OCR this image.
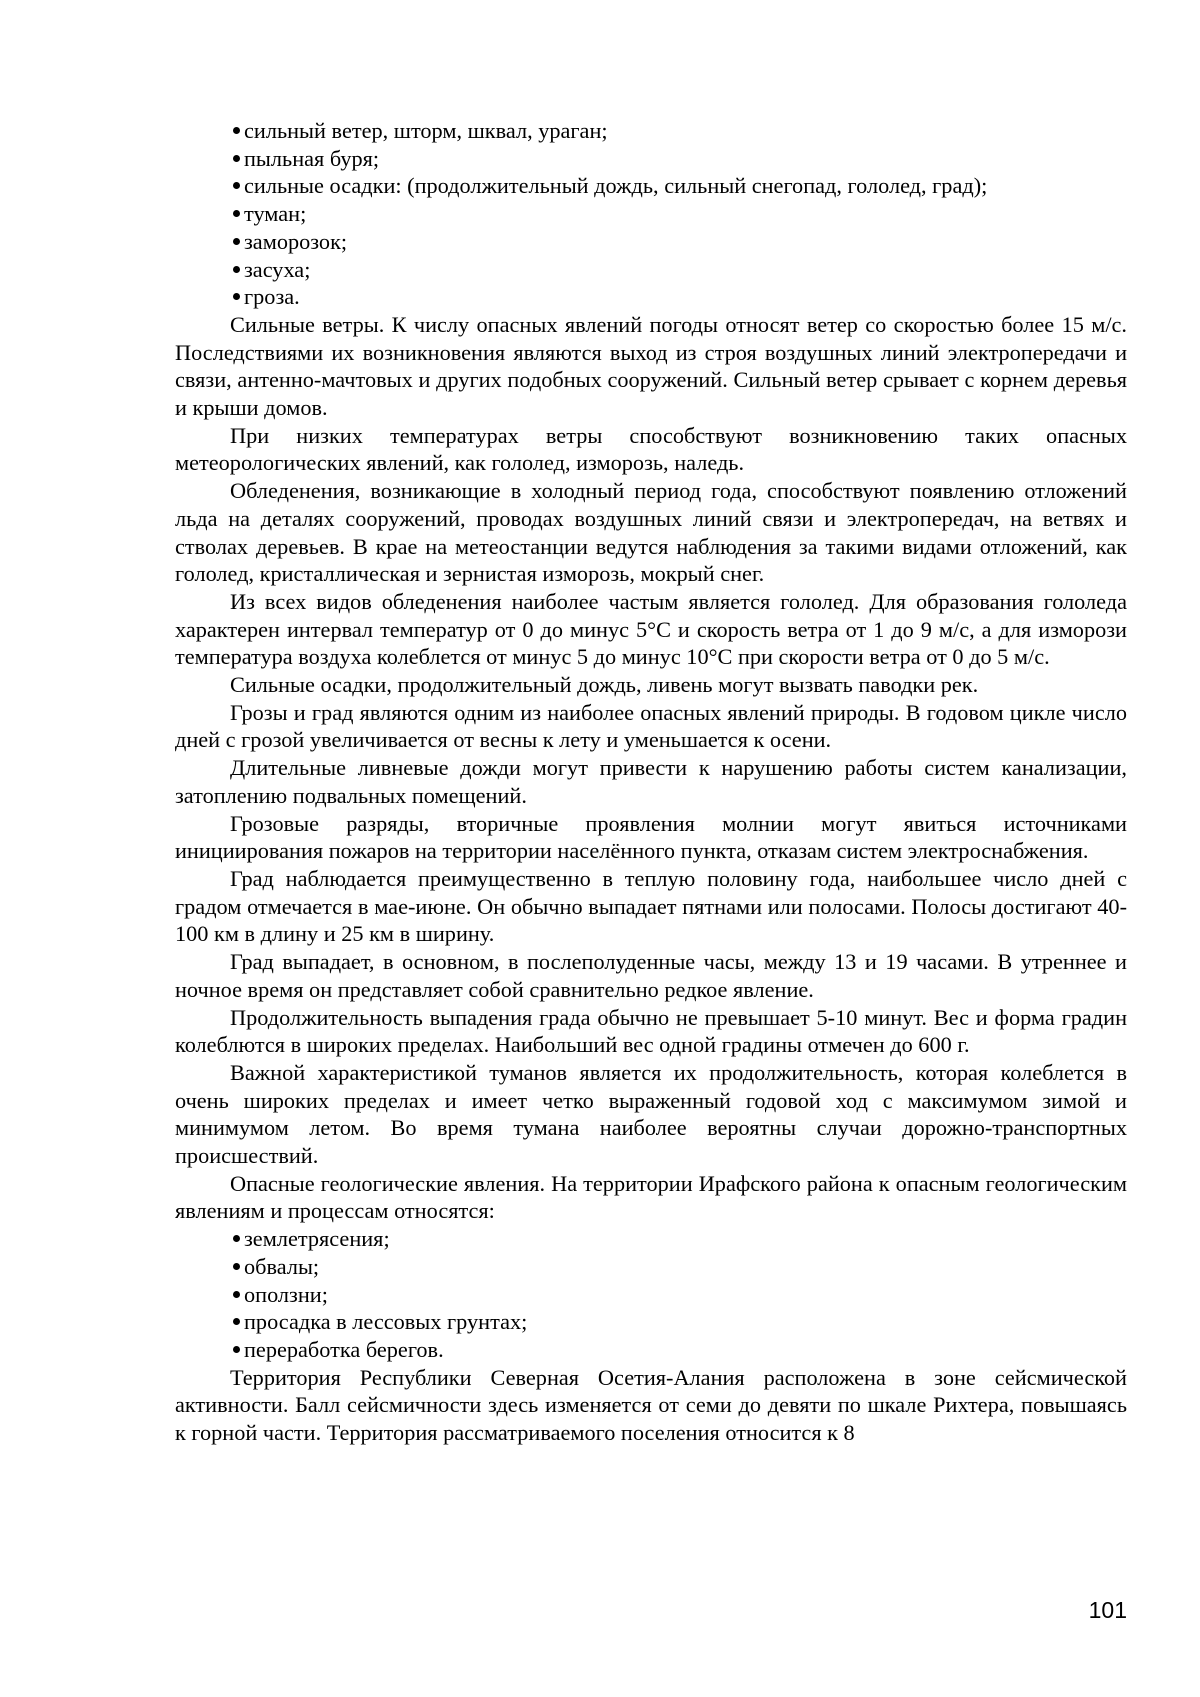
сильный ветер, шторм, шквал, ураган;
пыльная буря;
сильные осадки: (продолжительный дождь, сильный снегопад, гололед, град);
туман;
заморозок;
засуха;
гроза.

Сильные ветры. К числу опасных явлений погоды относят ветер со скоростью более 15 м/с. Последствиями их возникновения являются выход из строя воздушных линий электропередачи и связи, антенно-мачтовых и других подобных сооружений. Сильный ветер срывает с корнем деревья и крыши домов.

При низких температурах ветры способствуют возникновению таких опасных метеорологических явлений, как гололед, изморозь, наледь.

Обледенения, возникающие в холодный период года, способствуют появлению отложений льда на деталях сооружений, проводах воздушных линий связи и электропередач, на ветвях и стволах деревьев. В крае на метеостанции ведутся наблюдения за такими видами отложений, как гололед, кристаллическая и зернистая изморозь, мокрый снег.

Из всех видов обледенения наиболее частым является гололед. Для образования гололеда характерен интервал температур от 0 до минус 5°С и скорость ветра от 1 до 9 м/с, а для изморози температура воздуха колеблется от минус 5 до минус 10°С при скорости ветра от 0 до 5 м/с.

Сильные осадки, продолжительный дождь, ливень могут вызвать паводки рек.

Грозы и град являются одним из наиболее опасных явлений природы. В годовом цикле число дней с грозой увеличивается от весны к лету и уменьшается к осени.

Длительные ливневые дожди могут привести к нарушению работы систем канализации, затоплению подвальных помещений.

Грозовые разряды, вторичные проявления молнии могут явиться источниками инициирования пожаров на территории населённого пункта, отказам систем электроснабжения.

Град наблюдается преимущественно в теплую половину года, наибольшее число дней с градом отмечается в мае-июне. Он обычно выпадает пятнами или полосами. Полосы достигают 40-100 км в длину и 25 км в ширину.

Град выпадает, в основном, в послеполуденные часы, между 13 и 19 часами. В утреннее и ночное время он представляет собой сравнительно редкое явление.

Продолжительность выпадения града обычно не превышает 5-10 минут. Вес и форма градин колеблются в широких пределах. Наибольший вес одной градины отмечен до 600 г.

Важной характеристикой туманов является их продолжительность, которая колеблется в очень широких пределах и имеет четко выраженный годовой ход с максимумом зимой и минимумом летом. Во время тумана наиболее вероятны случаи дорожно-транспортных происшествий.

Опасные геологические явления. На территории Ирафского района к опасным геологическим явлениям и процессам относятся:

землетрясения;
обвалы;
оползни;
просадка в лессовых грунтах;
переработка берегов.

Территория Республики Северная Осетия-Алания расположена в зоне сейсмической активности. Балл сейсмичности здесь изменяется от семи до девяти по шкале Рихтера, повышаясь к горной части. Территория рассматриваемого поселения относится к 8

101
